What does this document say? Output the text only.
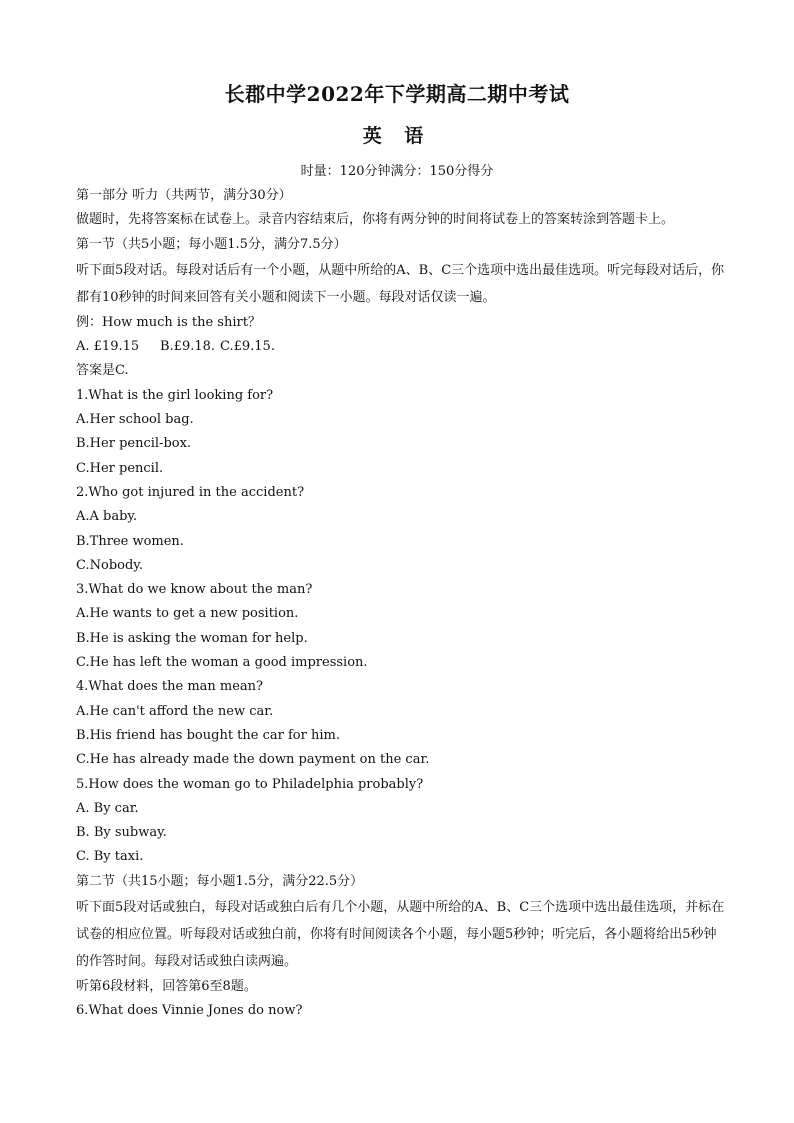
长郡中学2022年下学期高二期中考试
英 语
时量：120分钟满分：150分得分
第一部分 听力（共两节，满分30分）
做题时，先将答案标在试卷上。录音内容结束后，你将有两分钟的时间将试卷上的答案转涂到答题卡上。
第一节（共5小题；每小题1.5分，满分7.5分）

听下面5段对话。每段对话后有一个小题，从题中所给的A、B、C三个选项中选出最佳选项。听完每段对话后，你都有10秒钟的时间来回答有关小题和阅读下一小题。每段对话仅读一遍。

例：How much is the shirt？
A. £19.15 B.£9.18. C.£9.15.
答案是C.
1.What is the girl looking for?
A.Her school bag.
B.Her pencil-box.
C.Her pencil.
2.Who got injured in the accident?
A.A baby.
B.Three women.
C.Nobody.
3.What do we know about the man?
A.He wants to get a new position.
B.He is asking the woman for help.
C.He has left the woman a good impression.
4.What does the man mean?
A.He can't afford the new car.
B.His friend has bought the car for him.
C.He has already made the down payment on the car.
5.How does the woman go to Philadelphia probably?
A. By car.
B. By subway.
C. By taxi.
第二节（共15小题；每小题1.5分，满分22.5分）

听下面5段对话或独白，每段对话或独白后有几个小题，从题中所给的A、B、C三个选项中选出最佳选项，并标在试卷的相应位置。听每段对话或独白前，你将有时间阅读各个小题，每小题5秒钟；听完后，各小题将给出5秒钟的作答时间。每段对话或独白读两遍。

听第6段材料，回答第6至8题。
6.What does Vinnie Jones do now?
